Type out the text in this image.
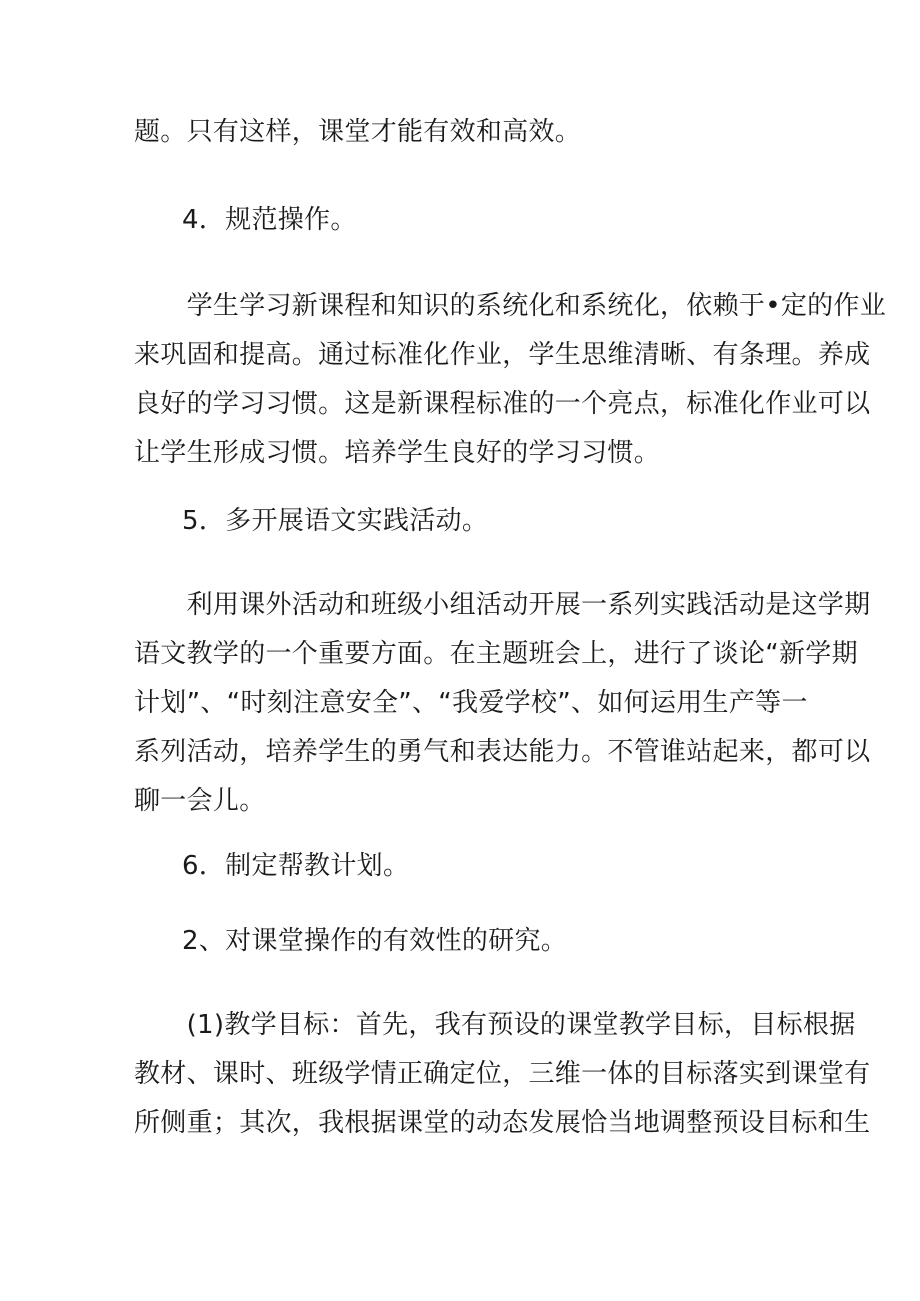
题。只有这样，课堂才能有效和高效。

4．规范操作。

　　学生学习新课程和知识的系统化和系统化，依赖于•定的作业
来巩固和提高。通过标准化作业，学生思维清晰、有条理。养成
良好的学习习惯。这是新课程标准的一个亮点，标准化作业可以
让学生形成习惯。培养学生良好的学习习惯。

5．多开展语文实践活动。

　　利用课外活动和班级小组活动开展一系列实践活动是这学期
语文教学的一个重要方面。在主题班会上，进行了谈论“新学期
计划”、“时刻注意安全”、“我爱学校”、如何运用生产等一
系列活动，培养学生的勇气和表达能力。不管谁站起来，都可以
聊一会儿。

6．制定帮教计划。

2、对课堂操作的有效性的研究。

　　(1)教学目标：首先，我有预设的课堂教学目标，目标根据
教材、课时、班级学情正确定位，三维一体的目标落实到课堂有
所侧重；其次，我根据课堂的动态发展恰当地调整预设目标和生
